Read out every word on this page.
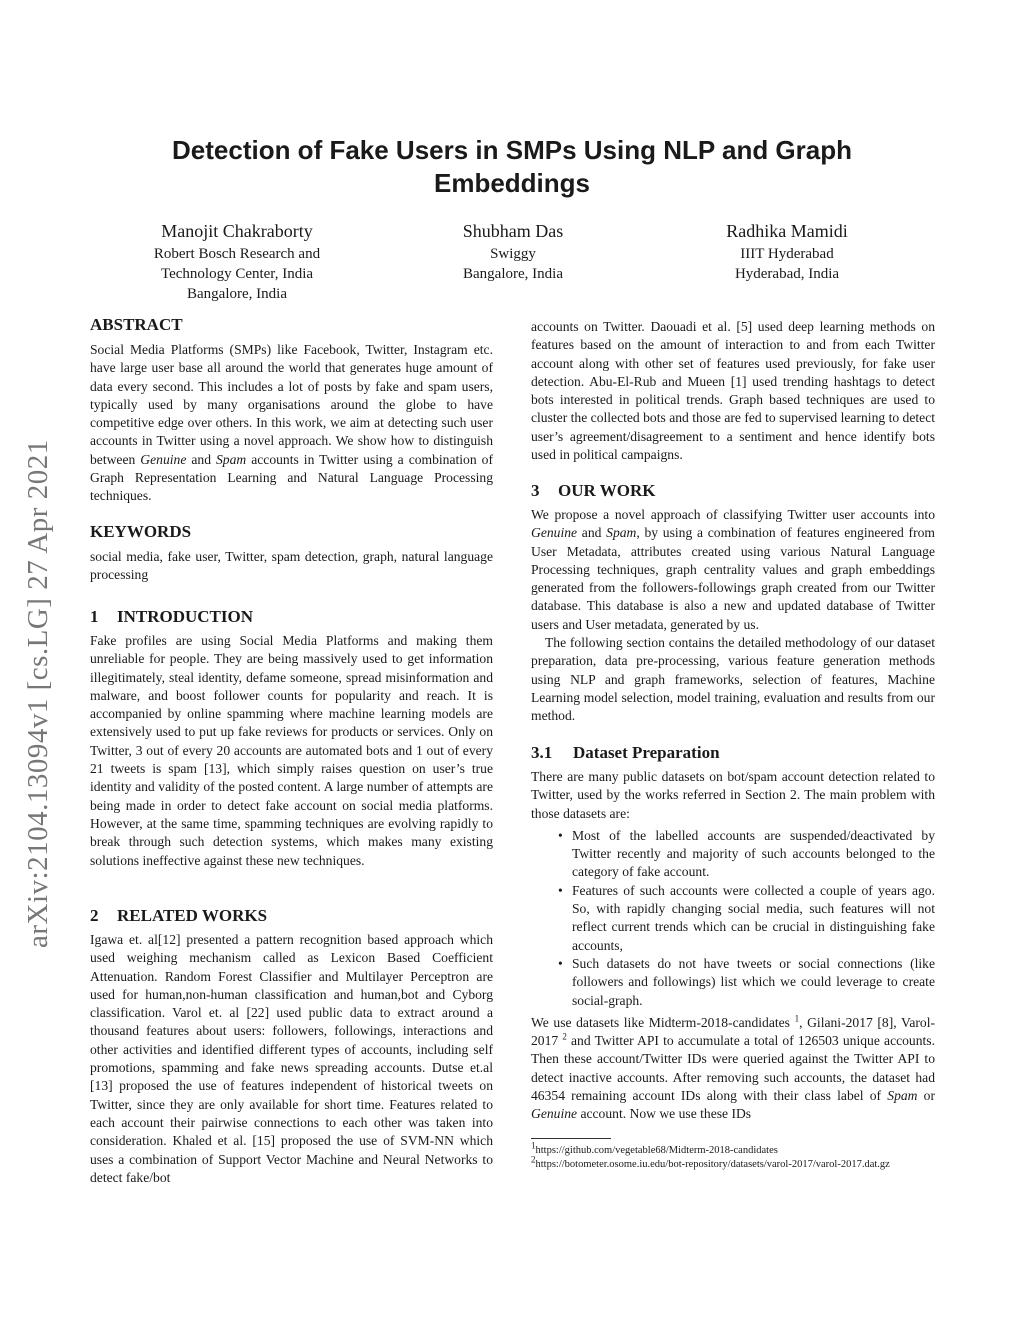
arXiv:2104.13094v1 [cs.LG] 27 Apr 2021
Detection of Fake Users in SMPs Using NLP and Graph Embeddings
Manojit Chakraborty
Robert Bosch Research and
Technology Center, India
Bangalore, India
Shubham Das
Swiggy
Bangalore, India
Radhika Mamidi
IIIT Hyderabad
Hyderabad, India
ABSTRACT

Social Media Platforms (SMPs) like Facebook, Twitter, Instagram etc. have large user base all around the world that generates huge amount of data every second. This includes a lot of posts by fake and spam users, typically used by many organisations around the globe to have competitive edge over others. In this work, we aim at detecting such user accounts in Twitter using a novel approach. We show how to distinguish between Genuine and Spam accounts in Twitter using a combination of Graph Representation Learning and Natural Language Processing techniques.

KEYWORDS

social media, fake user, Twitter, spam detection, graph, natural language processing

1 INTRODUCTION

Fake profiles are using Social Media Platforms and making them unreliable for people. They are being massively used to get information illegitimately, steal identity, defame someone, spread misinformation and malware, and boost follower counts for popularity and reach. It is accompanied by online spamming where machine learning models are extensively used to put up fake reviews for products or services. Only on Twitter, 3 out of every 20 accounts are automated bots and 1 out of every 21 tweets is spam [13], which simply raises question on user’s true identity and validity of the posted content. A large number of attempts are being made in order to detect fake account on social media platforms. However, at the same time, spamming techniques are evolving rapidly to break through such detection systems, which makes many existing solutions ineffective against these new techniques.

2 RELATED WORKS

Igawa et. al[12] presented a pattern recognition based approach which used weighing mechanism called as Lexicon Based Coefficient Attenuation. Random Forest Classifier and Multilayer Perceptron are used for human,non-human classification and human,bot and Cyborg classification. Varol et. al [22] used public data to extract around a thousand features about users: followers, followings, interactions and other activities and identified different types of accounts, including self promotions, spamming and fake news spreading accounts. Dutse et.al [13] proposed the use of features independent of historical tweets on Twitter, since they are only available for short time. Features related to each account their pairwise connections to each other was taken into consideration. Khaled et al. [15] proposed the use of SVM-NN which uses a combination of Support Vector Machine and Neural Networks to detect fake/bot

accounts on Twitter. Daouadi et al. [5] used deep learning methods on features based on the amount of interaction to and from each Twitter account along with other set of features used previously, for fake user detection. Abu-El-Rub and Mueen [1] used trending hashtags to detect bots interested in political trends. Graph based techniques are used to cluster the collected bots and those are fed to supervised learning to detect user’s agreement/disagreement to a sentiment and hence identify bots used in political campaigns.

3 OUR WORK

We propose a novel approach of classifying Twitter user accounts into Genuine and Spam, by using a combination of features engineered from User Metadata, attributes created using various Natural Language Processing techniques, graph centrality values and graph embeddings generated from the followers-followings graph created from our Twitter database. This database is also a new and updated database of Twitter users and User metadata, generated by us.

The following section contains the detailed methodology of our dataset preparation, data pre-processing, various feature generation methods using NLP and graph frameworks, selection of features, Machine Learning model selection, model training, evaluation and results from our method.

3.1 Dataset Preparation

There are many public datasets on bot/spam account detection related to Twitter, used by the works referred in Section 2. The main problem with those datasets are:

• Most of the labelled accounts are suspended/deactivated by Twitter recently and majority of such accounts belonged to the category of fake account.
• Features of such accounts were collected a couple of years ago. So, with rapidly changing social media, such features will not reflect current trends which can be crucial in distinguishing fake accounts,
• Such datasets do not have tweets or social connections (like followers and followings) list which we could leverage to create social-graph.

We use datasets like Midterm-2018-candidates $^1$, Gilani-2017 [8], Varol-2017 $^2$ and Twitter API to accumulate a total of 126503 unique accounts. Then these account/Twitter IDs were queried against the Twitter API to detect inactive accounts. After removing such accounts, the dataset had 46354 remaining account IDs along with their class label of Spam or Genuine account. Now we use these IDs

$^1$https://github.com/vegetable68/Midterm-2018-candidates
$^2$https://botometer.osome.iu.edu/bot-repository/datasets/varol-2017/varol-2017.dat.gz
